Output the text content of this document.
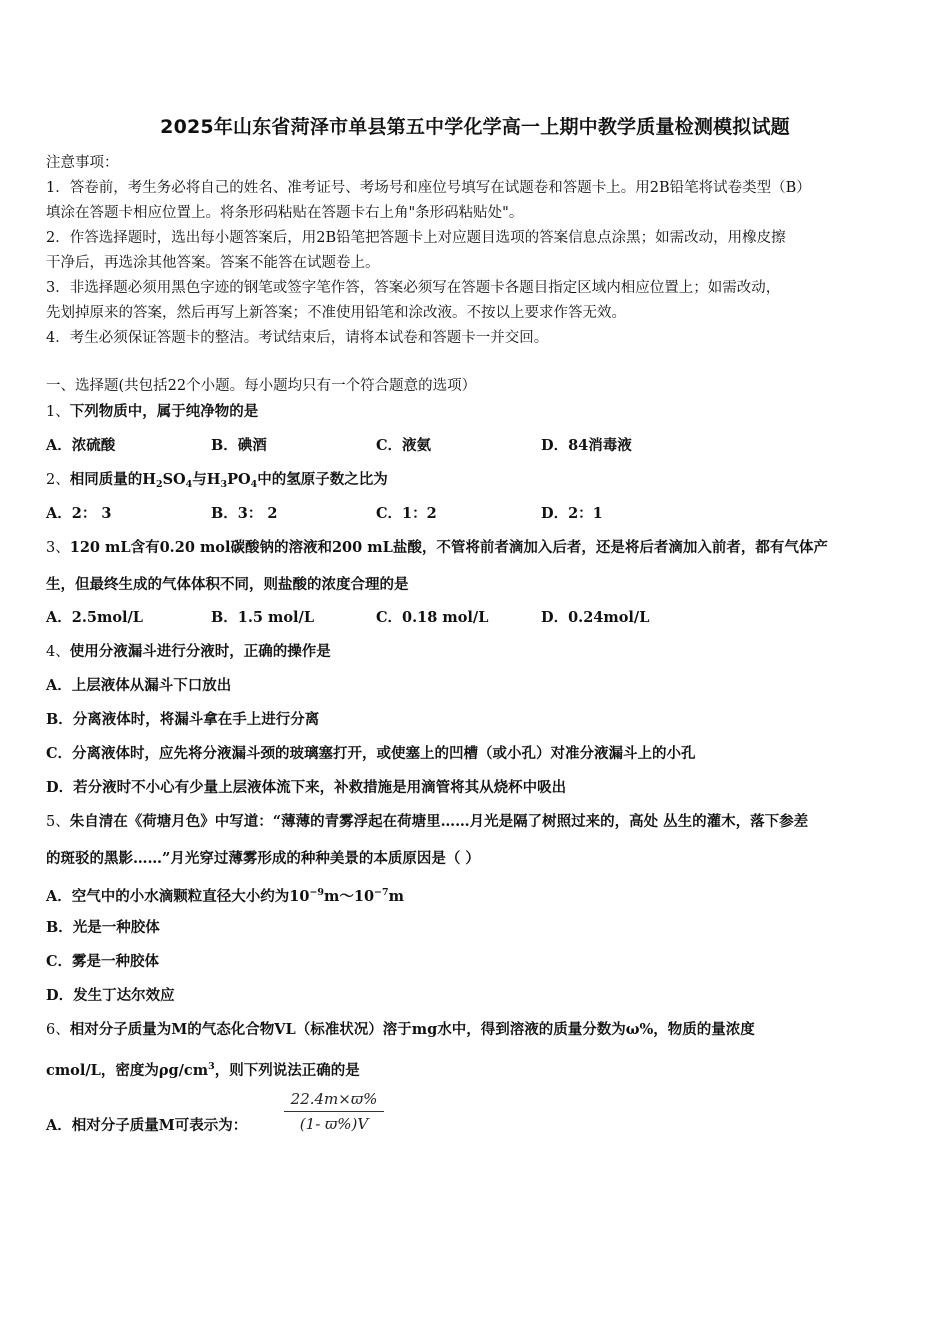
2025年山东省菏泽市单县第五中学化学高一上期中教学质量检测模拟试题
注意事项：
1．答卷前，考生务必将自己的姓名、准考证号、考场号和座位号填写在试题卷和答题卡上。用2B铅笔将试卷类型（B）
填涂在答题卡相应位置上。将条形码粘贴在答题卡右上角"条形码粘贴处"。
2．作答选择题时，选出每小题答案后，用2B铅笔把答题卡上对应题目选项的答案信息点涂黑；如需改动，用橡皮擦
干净后，再选涂其他答案。答案不能答在试题卷上。
3．非选择题必须用黑色字迹的钢笔或签字笔作答，答案必须写在答题卡各题目指定区域内相应位置上；如需改动，
先划掉原来的答案，然后再写上新答案；不准使用铅笔和涂改液。不按以上要求作答无效。
4．考生必须保证答题卡的整洁。考试结束后，请将本试卷和答题卡一并交回。
一、选择题(共包括22个小题。每小题均只有一个符合题意的选项）
1、下列物质中，属于纯净物的是
A．浓硫酸	B．碘酒	C．液氨	D．84消毒液
2、相同质量的$H_2SO_4$与$H_3PO_4$中的氢原子数之比为
A．2： 3	B．3： 2	C．1：2	D．2：1
3、120 mL含有0.20 mol碳酸钠的溶液和200 mL盐酸，不管将前者滴加入后者，还是将后者滴加入前者，都有气体产
生，但最终生成的气体体积不同，则盐酸的浓度合理的是
A．2.5mol/L	B．1.5 mol/L	C．0.18 mol/L	D．0.24mol/L
4、使用分液漏斗进行分液时，正确的操作是
A．上层液体从漏斗下口放出
B．分离液体时，将漏斗拿在手上进行分离
C．分离液体时，应先将分液漏斗颈的玻璃塞打开，或使塞上的凹槽（或小孔）对准分液漏斗上的小孔
D．若分液时不小心有少量上层液体流下来，补救措施是用滴管将其从烧杯中吸出
5、朱自清在《荷塘月色》中写道：“薄薄的青雾浮起在荷塘里……月光是隔了树照过来的，高处 丛生的灌木，落下参差
的斑驳的黑影……”月光穿过薄雾形成的种种美景的本质原因是（ ）
A．空气中的小水滴颗粒直径大小约为$10^{-9}m\sim 10^{-7}m$
B．光是一种胶体
C．雾是一种胶体
D．发生丁达尔效应
6、相对分子质量为M的气态化合物VL（标准状况）溶于mg水中，得到溶液的质量分数为ω%，物质的量浓度
cmol/L，密度为$\rho g/cm^3$，则下列说法正确的是
A．相对分子质量M可表示为： $\frac{22.4m\times ϖ\%}{(1- ϖ\%)V}$
